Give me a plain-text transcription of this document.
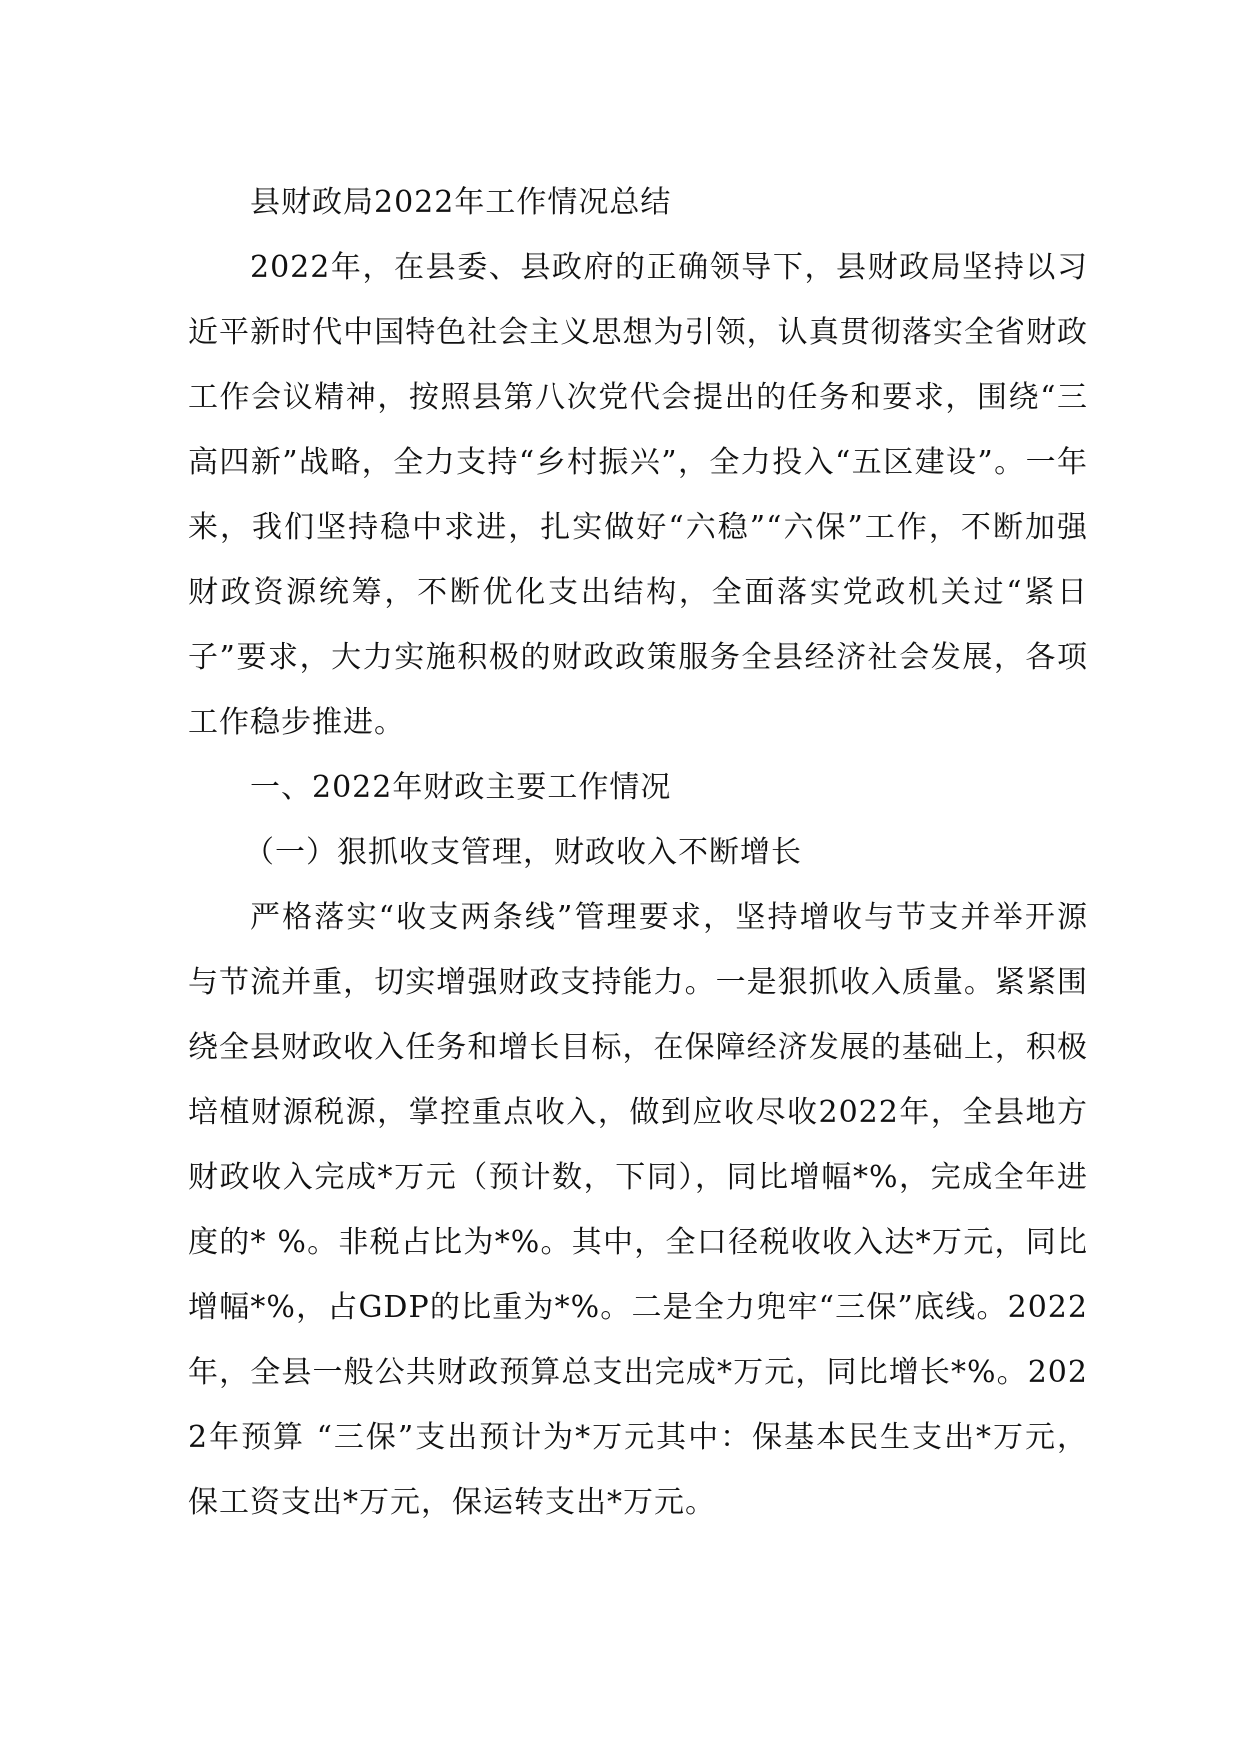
县财政局2022年工作情况总结

2022年，在县委、县政府的正确领导下，县财政局坚持以习近平新时代中国特色社会主义思想为引领，认真贯彻落实全省财政工作会议精神，按照县第八次党代会提出的任务和要求，围绕“三高四新”战略，全力支持“乡村振兴”，全力投入“五区建设”。一年来，我们坚持稳中求进，扎实做好“六稳”“六保”工作，不断加强财政资源统筹，不断优化支出结构，全面落实党政机关过“紧日子”要求，大力实施积极的财政政策服务全县经济社会发展，各项工作稳步推进。

一、2022年财政主要工作情况

（一）狠抓收支管理，财政收入不断增长

严格落实“收支两条线”管理要求，坚持增收与节支并举开源与节流并重，切实增强财政支持能力。一是狠抓收入质量。紧紧围绕全县财政收入任务和增长目标，在保障经济发展的基础上，积极培植财源税源，掌控重点收入，做到应收尽收2022年，全县地方财政收入完成*万元（预计数，下同），同比增幅*%，完成全年进度的* %。非税占比为*%。其中，全口径税收收入达*万元，同比增幅*%，占GDP的比重为*%。二是全力兜牢“三保”底线。2022年，全县一般公共财政预算总支出完成*万元，同比增长*%。2022年预算 “三保”支出预计为*万元其中：保基本民生支出*万元，保工资支出*万元，保运转支出*万元。
